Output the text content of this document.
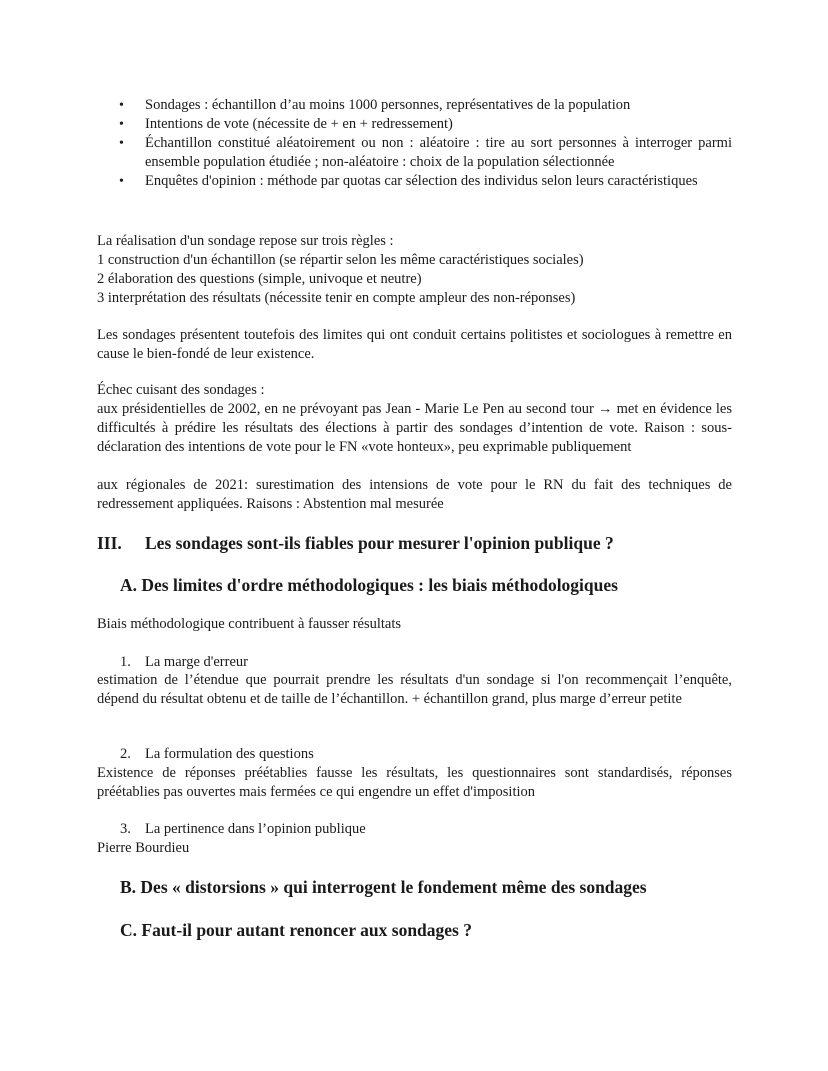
• Sondages : échantillon d’au moins 1000 personnes, représentatives de la population
• Intentions de vote (nécessite de + en + redressement)
• Échantillon constitué aléatoirement ou non : aléatoire : tire au sort personnes à interroger parmi ensemble population étudiée ; non-aléatoire : choix de la population sélectionnée
• Enquêtes d'opinion : méthode par quotas car sélection des individus selon leurs caractéristiques

La réalisation d'un sondage repose sur trois règles :

1 construction d'un échantillon (se répartir selon les même caractéristiques sociales)

2 élaboration des questions (simple, univoque et neutre)

3 interprétation des résultats (nécessite tenir en compte ampleur des non-réponses)

Les sondages présentent toutefois des limites qui ont conduit certains politistes et sociologues à remettre en cause le bien-fondé de leur existence.

Échec cuisant des sondages :

aux présidentielles de 2002, en ne prévoyant pas Jean - Marie Le Pen au second tour → met en évidence les difficultés à prédire les résultats des élections à partir des sondages d’intention de vote. Raison : sous-déclaration des intentions de vote pour le FN «vote honteux», peu exprimable publiquement

aux régionales de 2021: surestimation des intensions de vote pour le RN du fait des techniques de redressement appliquées. Raisons : Abstention mal mesurée

III. Les sondages sont-ils fiables pour mesurer l'opinion publique ?
A. Des limites d'ordre méthodologiques : les biais méthodologiques

Biais méthodologique contribuent à fausser résultats

1. La marge d'erreur

estimation de l’étendue que pourrait prendre les résultats d'un sondage si l'on recommençait l’enquête, dépend du résultat obtenu et de taille de l’échantillon. + échantillon grand, plus marge d’erreur petite

2. La formulation des questions

Existence de réponses préétablies fausse les résultats, les questionnaires sont standardisés, réponses préétablies pas ouvertes mais fermées ce qui engendre un effet d'imposition

3. La pertinence dans l’opinion publique

Pierre Bourdieu

B. Des « distorsions » qui interrogent le fondement même des sondages
C. Faut-il pour autant renoncer aux sondages ?
